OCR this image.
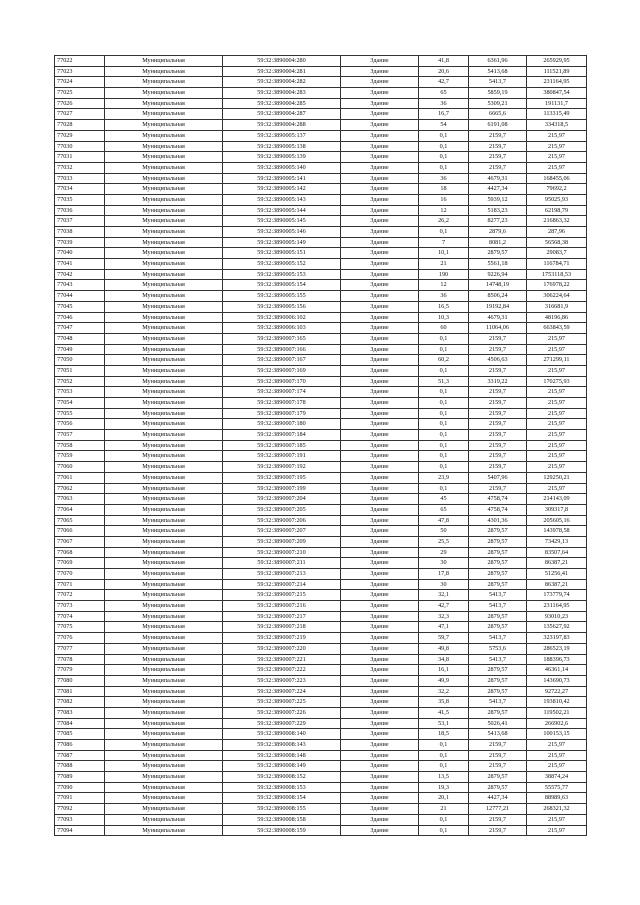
77022	Муниципальная	59:32:3890004:280	Здание	41,8	6361,96	265929,95
77023	Муниципальная	59:32:3890004:281	Здание	20,6	5413,68	111521,89
77024	Муниципальная	59:32:3890004:282	Здание	42,7	5413,7	231164,95
77025	Муниципальная	59:32:3890004:283	Здание	65	5859,19	380847,54
77026	Муниципальная	59:32:3890004:285	Здание	36	5309,21	191131,7
77027	Муниципальная	59:32:3890004:287	Здание	16,7	6665,6	113315,49
77028	Муниципальная	59:32:3890004:288	Здание	54	6191,08	334318,5
77029	Муниципальная	59:32:3890005:137	Здание	0,1	2159,7	215,97
77030	Муниципальная	59:32:3890005:138	Здание	0,1	2159,7	215,97
77031	Муниципальная	59:32:3890005:139	Здание	0,1	2159,7	215,97
77032	Муниципальная	59:32:3890005:140	Здание	0,1	2159,7	215,97
77033	Муниципальная	59:32:3890005:141	Здание	36	4679,31	168455,06
77034	Муниципальная	59:32:3890005:142	Здание	18	4427,34	79692,2
77035	Муниципальная	59:32:3890005:143	Здание	16	5939,12	95025,93
77036	Муниципальная	59:32:3890005:144	Здание	12	5183,23	62198,79
77037	Муниципальная	59:32:3890005:145	Здание	26,2	8277,23	216863,32
77038	Муниципальная	59:32:3890005:146	Здание	0,1	2879,6	287,96
77039	Муниципальная	59:32:3890005:149	Здание	7	8081,2	56568,38
77040	Муниципальная	59:32:3890005:151	Здание	10,1	2879,57	29083,7
77041	Муниципальная	59:32:3890005:152	Здание	21	5561,18	116784,71
77042	Муниципальная	59:32:3890005:153	Здание	190	9226,94	1753118,53
77043	Муниципальная	59:32:3890005:154	Здание	12	14748,19	176978,22
77044	Муниципальная	59:32:3890005:155	Здание	36	8506,24	306224,64
77045	Муниципальная	59:32:3890005:156	Здание	16,5	19192,84	316681,9
77046	Муниципальная	59:32:3890006:102	Здание	10,3	4679,31	48196,86
77047	Муниципальная	59:32:3890006:103	Здание	60	11064,06	663843,59
77048	Муниципальная	59:32:3890007:165	Здание	0,1	2159,7	215,97
77049	Муниципальная	59:32:3890007:166	Здание	0,1	2159,7	215,97
77050	Муниципальная	59:32:3890007:167	Здание	60,2	4506,63	271299,11
77051	Муниципальная	59:32:3890007:169	Здание	0,1	2159,7	215,97
77052	Муниципальная	59:32:3890007:170	Здание	51,3	3319,22	170275,93
77053	Муниципальная	59:32:3890007:174	Здание	0,1	2159,7	215,97
77054	Муниципальная	59:32:3890007:178	Здание	0,1	2159,7	215,97
77055	Муниципальная	59:32:3890007:179	Здание	0,1	2159,7	215,97
77056	Муниципальная	59:32:3890007:180	Здание	0,1	2159,7	215,97
77057	Муниципальная	59:32:3890007:184	Здание	0,1	2159,7	215,97
77058	Муниципальная	59:32:3890007:185	Здание	0,1	2159,7	215,97
77059	Муниципальная	59:32:3890007:191	Здание	0,1	2159,7	215,97
77060	Муниципальная	59:32:3890007:192	Здание	0,1	2159,7	215,97
77061	Муниципальная	59:32:3890007:195	Здание	23,9	5407,96	129250,21
77062	Муниципальная	59:32:3890007:199	Здание	0,1	2159,7	215,97
77063	Муниципальная	59:32:3890007:204	Здание	45	4758,74	214143,09
77064	Муниципальная	59:32:3890007:205	Здание	65	4758,74	309317,8
77065	Муниципальная	59:32:3890007:206	Здание	47,8	4301,36	205605,16
77066	Муниципальная	59:32:3890007:207	Здание	50	2879,57	143978,58
77067	Муниципальная	59:32:3890007:209	Здание	25,5	2879,57	73429,13
77068	Муниципальная	59:32:3890007:210	Здание	29	2879,57	83507,64
77069	Муниципальная	59:32:3890007:211	Здание	30	2879,57	86387,21
77070	Муниципальная	59:32:3890007:213	Здание	17,8	2879,57	51256,41
77071	Муниципальная	59:32:3890007:214	Здание	30	2879,57	86387,21
77072	Муниципальная	59:32:3890007:215	Здание	32,1	5413,7	173779,74
77073	Муниципальная	59:32:3890007:216	Здание	42,7	5413,7	231164,95
77074	Муниципальная	59:32:3890007:217	Здание	32,3	2879,57	93010,23
77075	Муниципальная	59:32:3890007:218	Здание	47,1	2879,57	135627,92
77076	Муниципальная	59:32:3890007:219	Здание	59,7	5413,7	323197,83
77077	Муниципальная	59:32:3890007:220	Здание	49,8	5753,6	286523,19
77078	Муниципальная	59:32:3890007:221	Здание	34,8	5413,7	188396,73
77079	Муниципальная	59:32:3890007:222	Здание	16,1	2879,57	46361,14
77080	Муниципальная	59:32:3890007:223	Здание	49,9	2879,57	143690,73
77081	Муниципальная	59:32:3890007:224	Здание	32,2	2879,57	92722,27
77082	Муниципальная	59:32:3890007:225	Здание	35,8	5413,7	193810,42
77083	Муниципальная	59:32:3890007:226	Здание	41,5	2879,57	119502,21
77084	Муниципальная	59:32:3890007:229	Здание	53,1	5026,41	266902,6
77085	Муниципальная	59:32:3890008:140	Здание	18,5	5413,68	100153,15
77086	Муниципальная	59:32:3890008:143	Здание	0,1	2159,7	215,97
77087	Муниципальная	59:32:3890008:148	Здание	0,1	2159,7	215,97
77088	Муниципальная	59:32:3890008:149	Здание	0,1	2159,7	215,97
77089	Муниципальная	59:32:3890008:152	Здание	13,5	2879,57	38874,24
77090	Муниципальная	59:32:3890008:153	Здание	19,3	2879,57	55575,77
77091	Муниципальная	59:32:3890008:154	Здание	20,1	4427,34	88989,63
77092	Муниципальная	59:32:3890008:155	Здание	21	12777,21	268321,32
77093	Муниципальная	59:32:3890008:158	Здание	0,1	2159,7	215,97
77094	Муниципальная	59:32:3890008:159	Здание	0,1	2159,7	215,97
